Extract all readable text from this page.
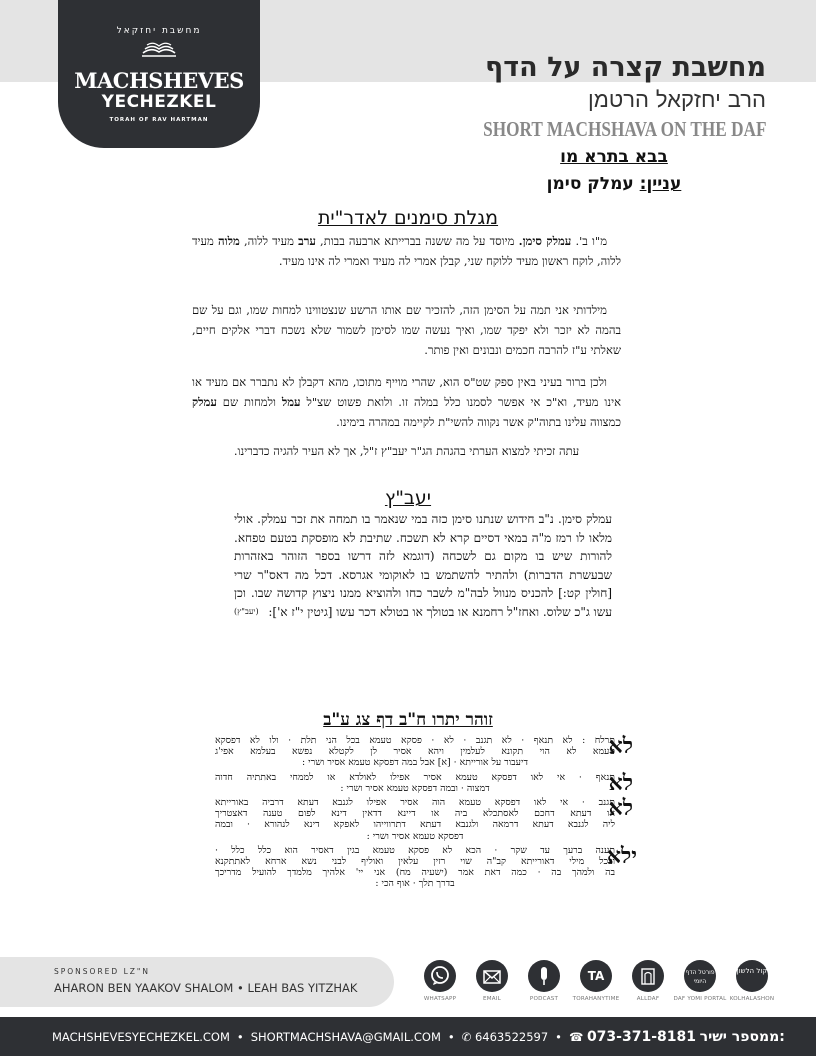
מחשבת יחזקאל
MACHSHEVES
YECHEZKEL
TORAH OF RAV HARTMAN
מחשבת קצרה על הדף
הרב יחזקאל הרטמן
SHORT MACHSHAVA ON THE DAF
בבא בתרא מו
עניין: עמלק סימן
מגלת סימנים לאדר"ית
מ"ו ב'. עמלק סימן. מיוסד על מה ששנה בברייתא ארבעה בבות, ערב מעיד ללוה, מלוה מעיד ללוה, לוקח ראשון מעיד ללוקח שני, קבלן אמרי לה מעיד ואמרי לה אינו מעיד.
מילדותי אני תמה על הסימן הזה, להזכיר שם אותו הרשע שנצטווינו למחות שמו, וגם על שם בהמה לא יזכר ולא יפקד שמו, ואיך נעשה שמו לסימן לשמור שלא נשכח דברי אלקים חיים, שאלתי ע"ז להרבה חכמים ונבונים ואין פותר.
ולכן ברור בעיני באין ספק שט"ס הוא, שהרי מוייף מתוכו, מהא דקבלן לא נתברר אם מעיד או אינו מעיד, וא"כ אי אפשר לסמנו כלל במלה זו. ולואת פשוט שצ"ל עמל ולמחות שם עמלק כמצווה עלינו בתוה"ק אשר נקווה להשי"ת לקיימה במהרה בימינו.
עתה זכיתי למצוא הערתי בהגהת הג"ר יעב"ץ ז"ל, אך לא העיר להגיה כדברינו.
יעב"ץ
עמלק סימן. נ"ב חידוש שנתנו סימן כזה במי שנאמר בו תמחה את זכר עמלק. אולי מלאו לו רמז מ"ה במאי דסיים קרא לא תשכח. שתיבת לא מופסקת בטעם טפחא. להורות שיש בו מקום גם לשכחה (דוגמא לזה דרשו בספר הזוהר באזהרות שבעשרת הדברות) ולהתיר להשתמש בו לאוקומי אגרסא. דכל מה דאס"ר שרי [חולין קט:] להכניס מנוול לבה"מ לשבר כחו ולהוציא ממנו ניצוץ קדושה שבו. וכן עשו ג"כ שלוס. ואחז"ל רחמנא או בטולך או בטולא דכר עשו [גיטין י"ז א']:
(יעב"ץ)
זוהר יתרו ח"ב דף צג ע"ב
לא
תרלח : לא תנאף · לא תגנב · לא · פסקא טעמא בכל הני תלת · ולו לא דפסקא
טעמא לא הוי תקונא לעלמין ויהא אסיר לן לקטלא נפשא בעלמא אפי'ג
דיעבור על אורייתא · [א] אבל במה דפסקא טעמא אסיר ושרי :
לא
תנאף · אי לאו דפסקא טעמא אסיר אפילו לאולדא או לממחי באתתיה חדוה
דמצוה · ובמה דפסקא טעמא אסיר ושרי :
לא
תגנב · אי לאו דפסקא טעמא הוה אסיר אפילו לגנבא דעתא דרביה באורייתא
או דעתא דחכם לאסתכלא ביה או דיינא דדאין דינא לפום טענה דאצטריך
ליה לגנבא דעתא דרמאה ולגנבא דעתא דתרווייהו לאפקא דינא לנהורא · ובמה
דפסקא טעמא אסיר ושרי :
ילא
תענה ברעך עד שקר · הכא לא פסקא טעמא בגין דאסיר הוא כלל כלל ·
ובכל מילי דאורייתא קב"ה שוי רזין עלאין ואוליף לבני נשא ארחא לאתתקנא
בה ולמהך בה · כמה דאת אמר (ישעיה מח) אני יי' אלהיך מלמדך להועיל מדריכך
בדרך תלך · אוף הכי :
SPONSORED LZ"N
AHARON BEN YAAKOV SHALOM • LEAH BAS YITZHAK
WHATSAPP	EMAIL	PODCAST
TA
TORAHANYTIME	ALLDAF
פורטל הדף היומי
DAF YOMI PORTAL
קול הלשון
KOLHALASHON
MACHSHEVESYECHEZKEL.COM • SHORTMACHSHAVA@GMAIL.COM • ✆ 6463522597 • ☎ 073-371-8181 :ממספר ישיר
